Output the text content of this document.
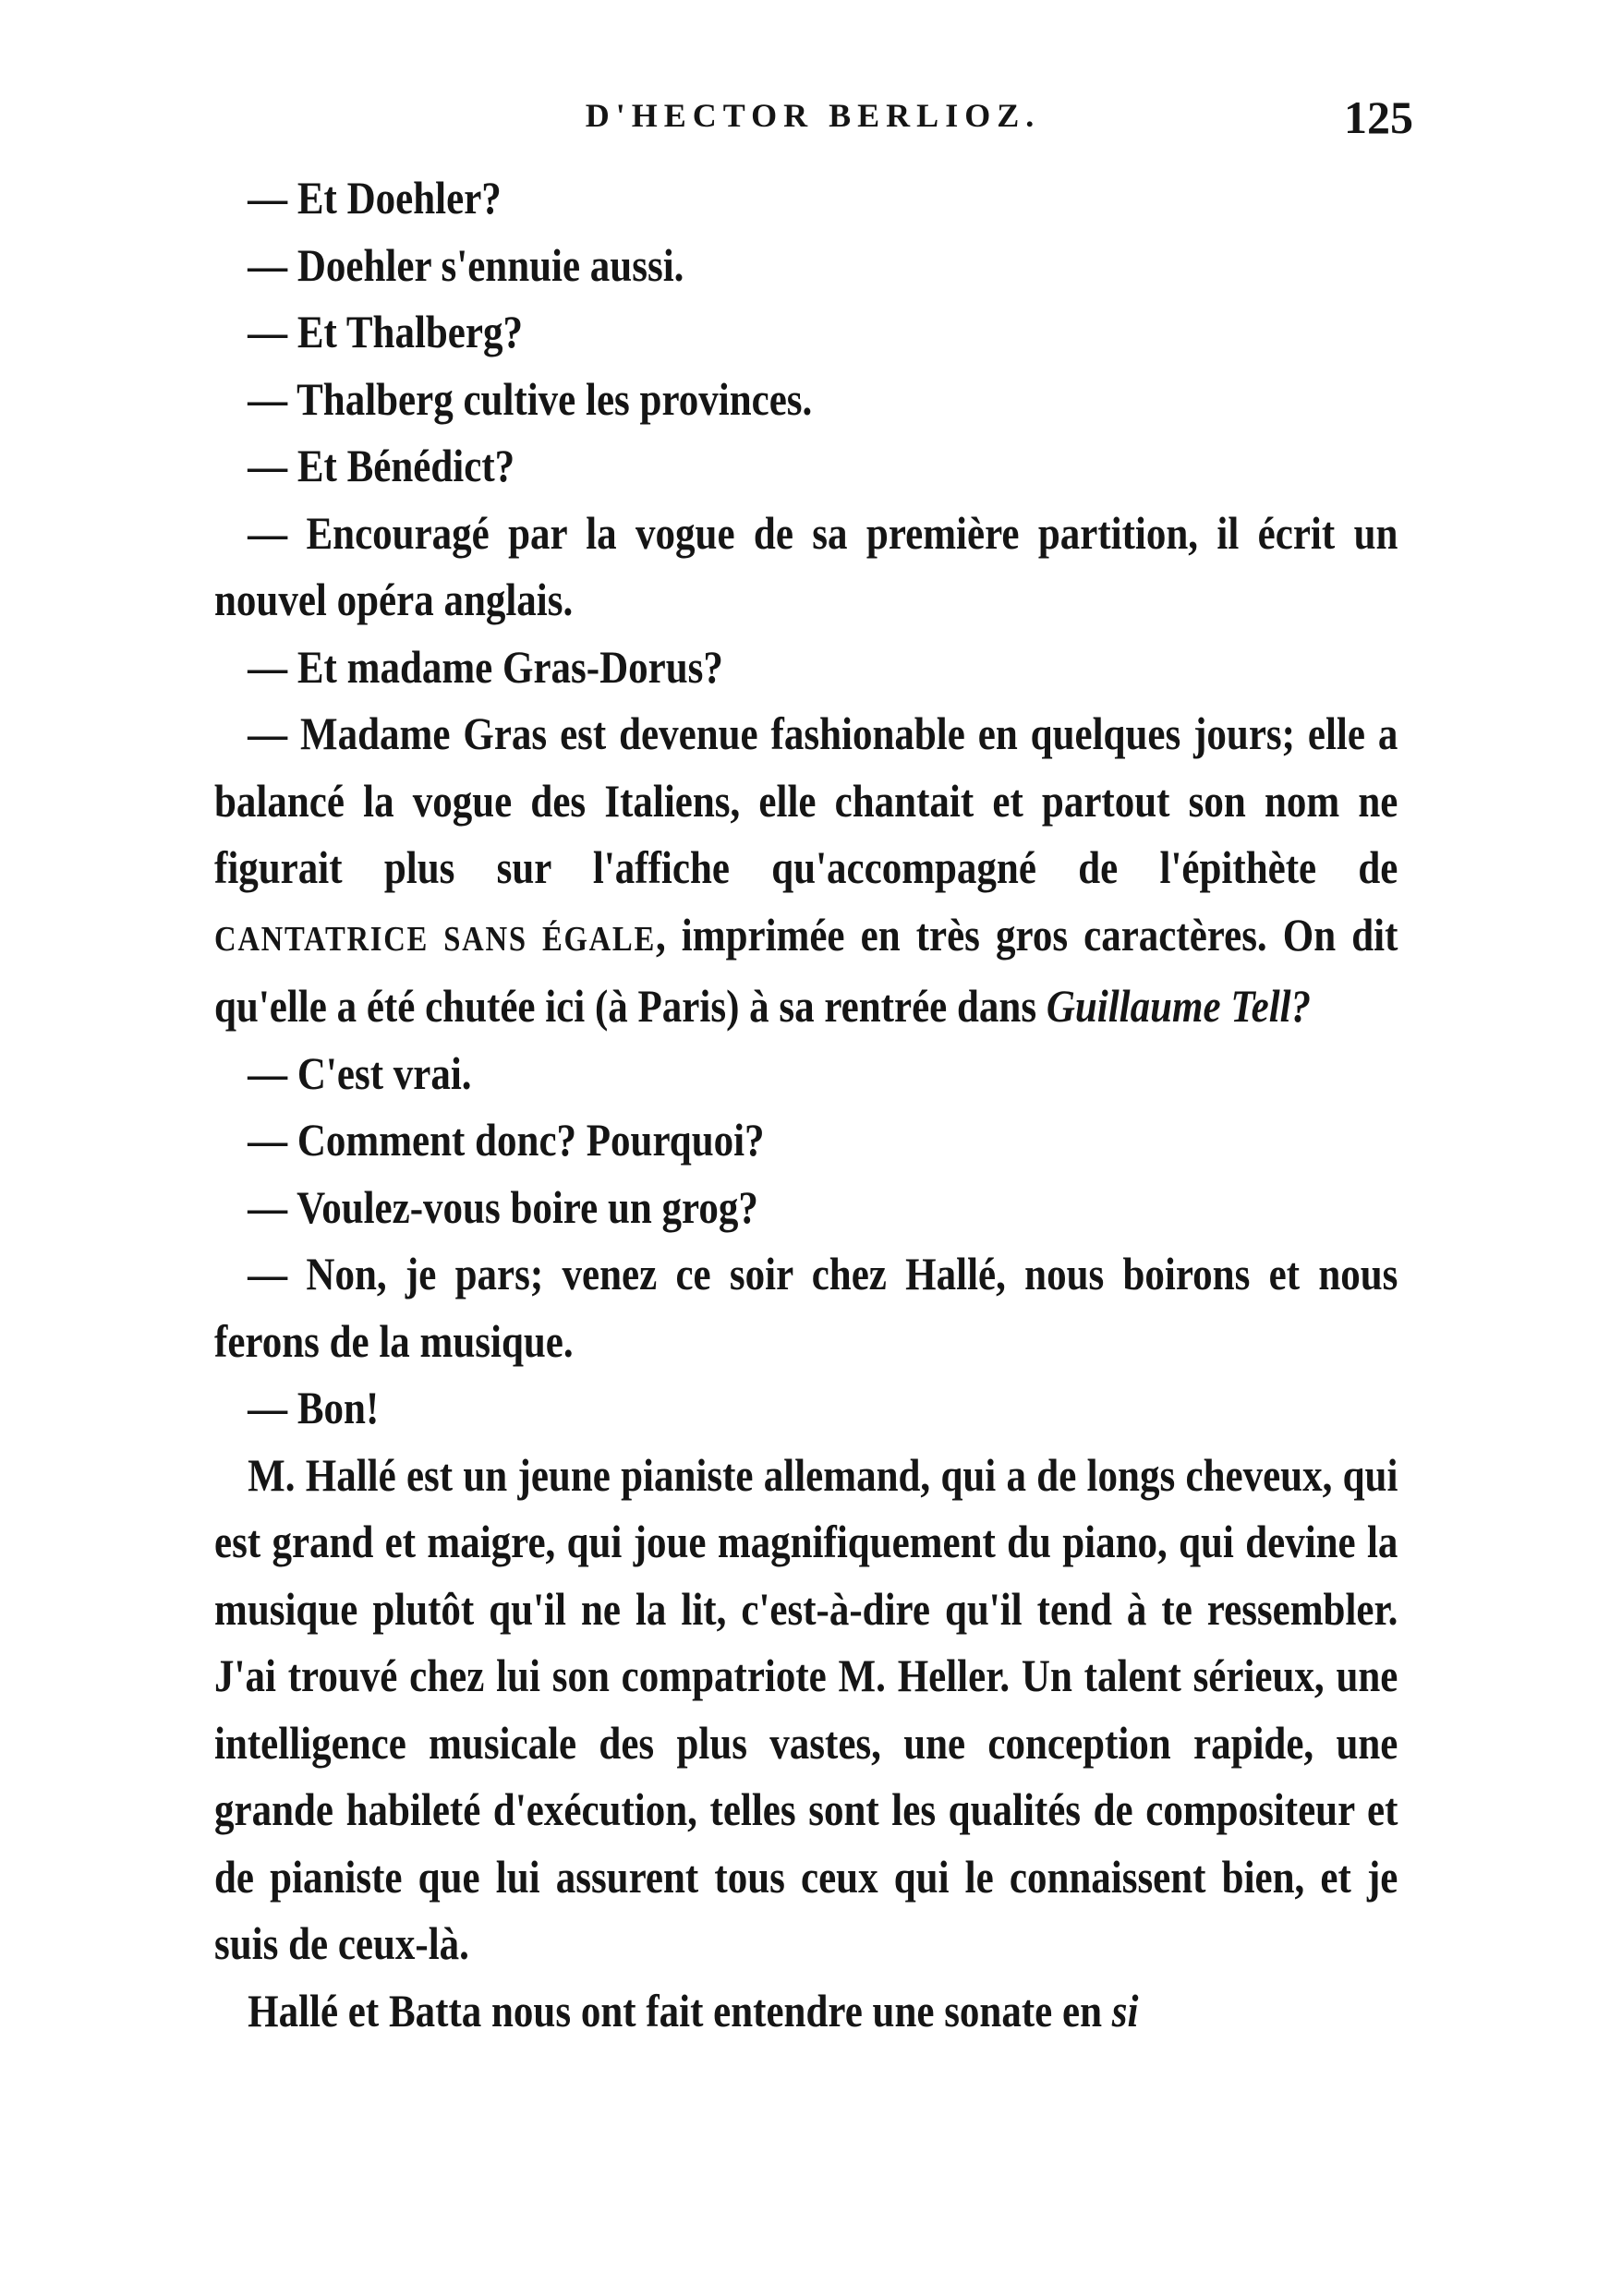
D'HECTOR BERLIOZ.	125

— Et Doehler?

— Doehler s'ennuie aussi.

— Et Thalberg?

— Thalberg cultive les provinces.

— Et Bénédict?

— Encouragé par la vogue de sa première partition, il écrit un nouvel opéra anglais.

— Et madame Gras-Dorus?

— Madame Gras est devenue fashionable en quelques jours; elle a balancé la vogue des Italiens, elle chantait et partout son nom ne figurait plus sur l'affiche qu'accompagné de l'épithète de CANTATRICE SANS ÉGALE, imprimée en très gros caractères. On dit qu'elle a été chutée ici (à Paris) à sa rentrée dans Guillaume Tell?

— C'est vrai.

— Comment donc? Pourquoi?

— Voulez-vous boire un grog?

— Non, je pars; venez ce soir chez Hallé, nous boirons et nous ferons de la musique.

— Bon!

M. Hallé est un jeune pianiste allemand, qui a de longs cheveux, qui est grand et maigre, qui joue magnifiquement du piano, qui devine la musique plutôt qu'il ne la lit, c'est-à-dire qu'il tend à te ressembler. J'ai trouvé chez lui son compatriote M. Heller. Un talent sérieux, une intelligence musicale des plus vastes, une conception rapide, une grande habileté d'exécution, telles sont les qualités de compositeur et de pianiste que lui assurent tous ceux qui le connaissent bien, et je suis de ceux-là.

Hallé et Batta nous ont fait entendre une sonate en si
